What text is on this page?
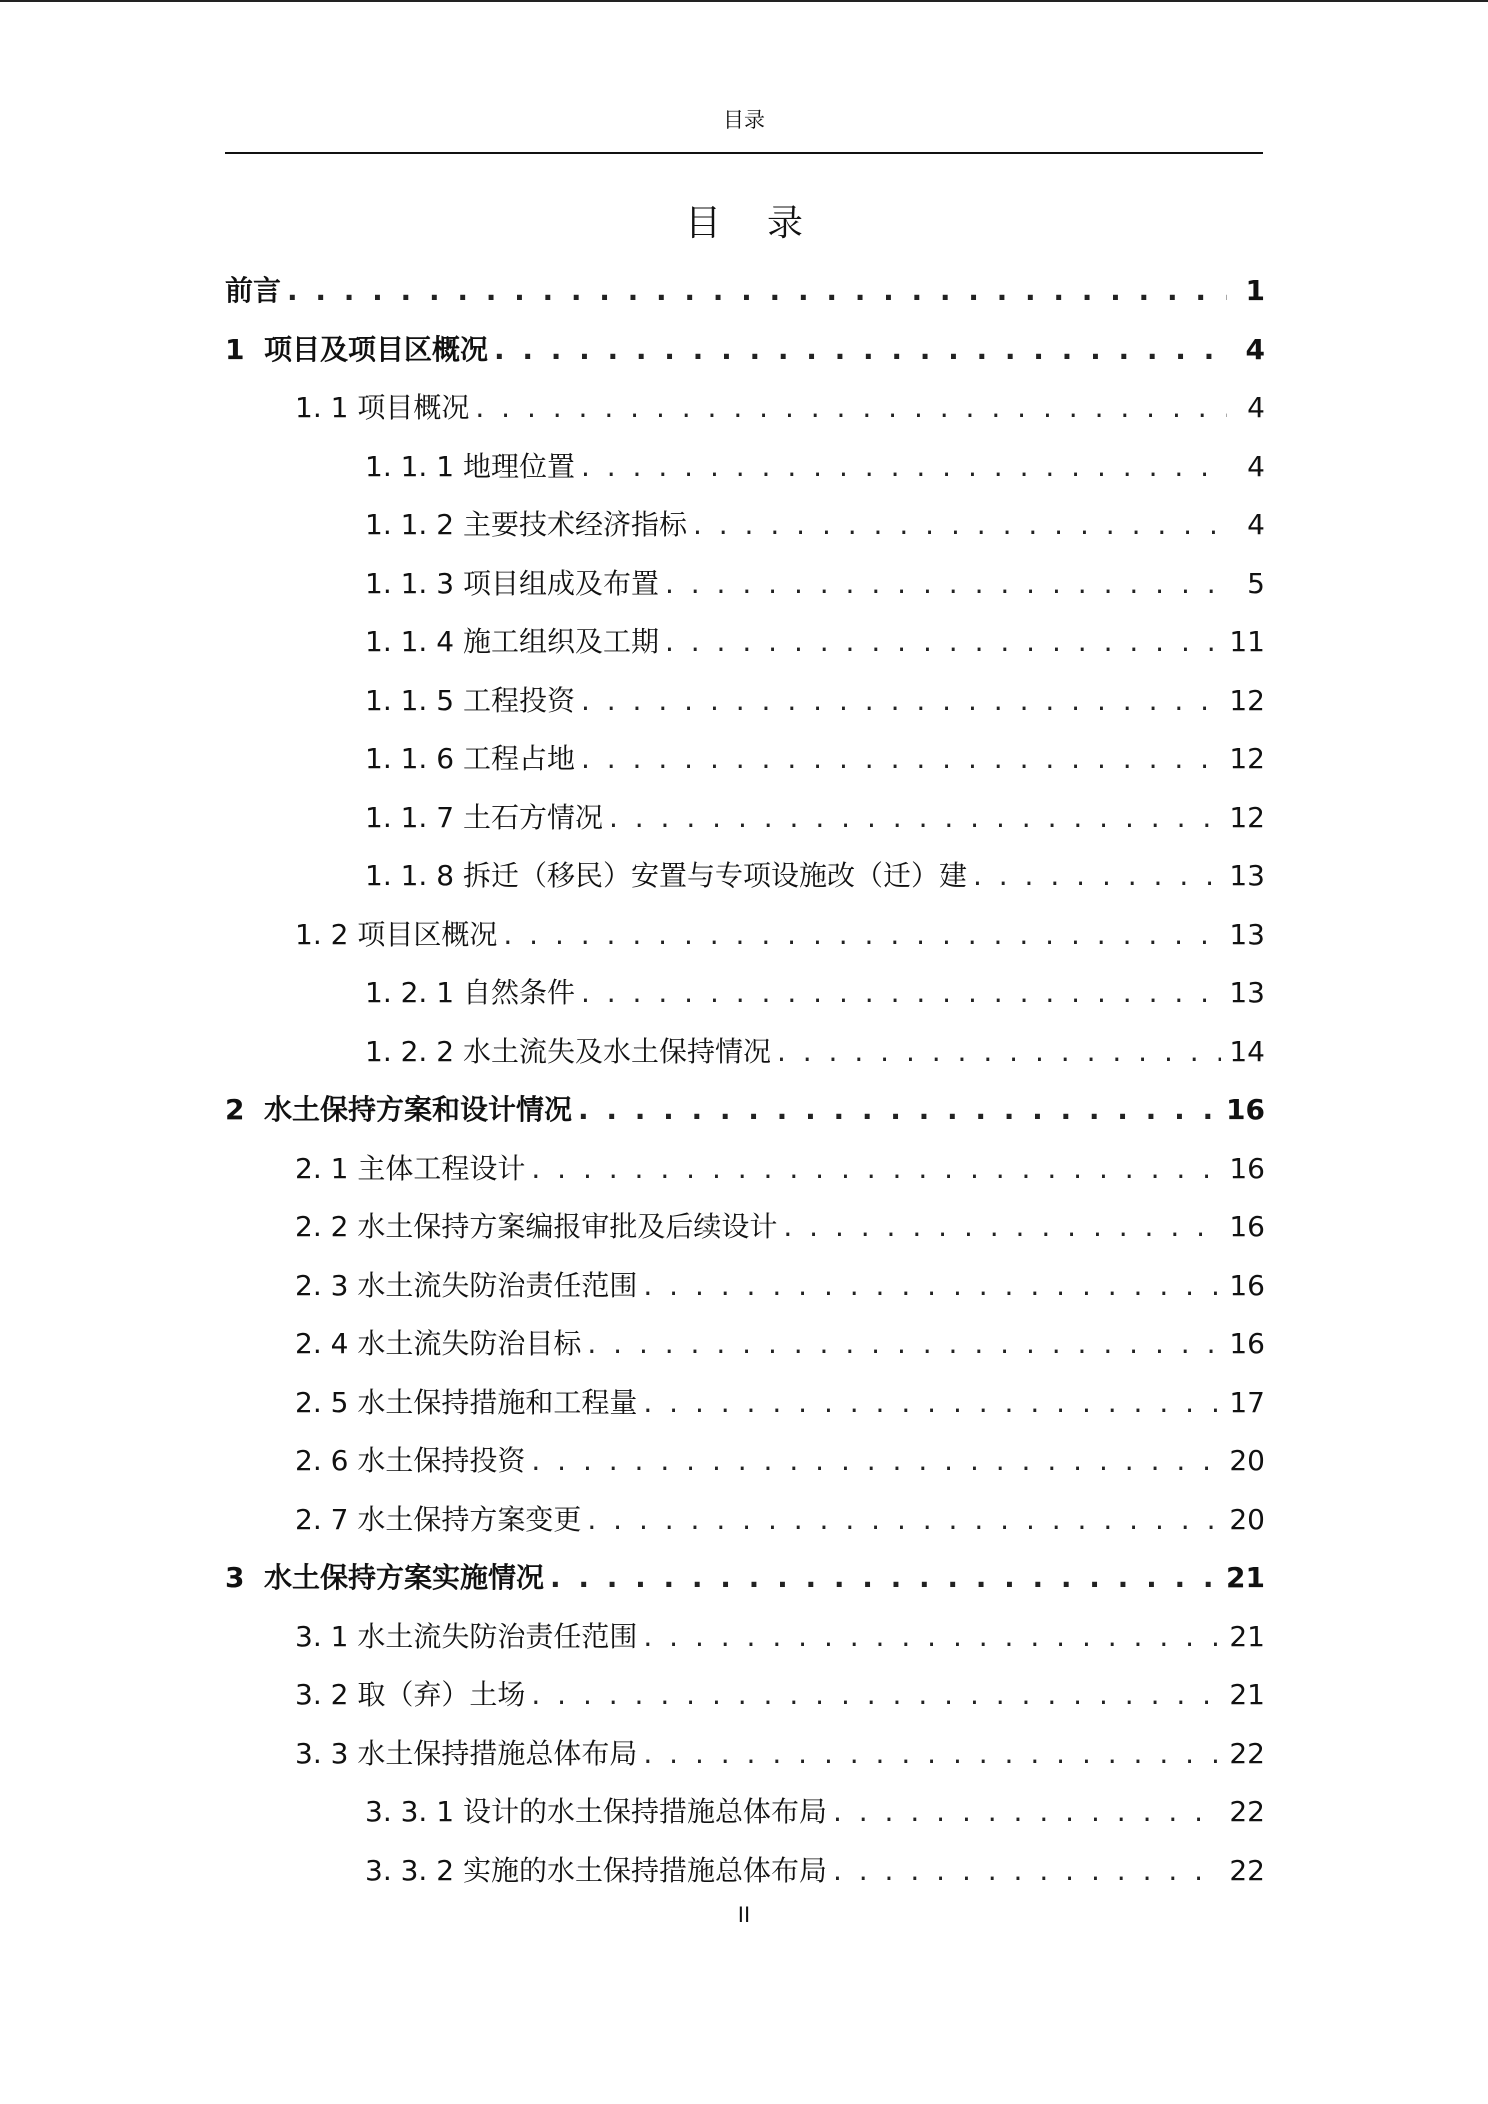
目录
目录
前言 . . .	1
1  项目及项目区概况 . . .	4
1. 1 项目概况 . . .	4
1. 1. 1 地理位置 . . .	4
1. 1. 2 主要技术经济指标 . . .	4
1. 1. 3 项目组成及布置 . . .	5
1. 1. 4 施工组织及工期 . . .	11
1. 1. 5 工程投资 . . .	12
1. 1. 6 工程占地 . . .	12
1. 1. 7 土石方情况 . . .	12
1. 1. 8 拆迁（移民）安置与专项设施改（迁）建 . . .	13
1. 2 项目区概况 . . .	13
1. 2. 1 自然条件 . . .	13
1. 2. 2 水土流失及水土保持情况 . . .	14
2  水土保持方案和设计情况 . . .	16
2. 1 主体工程设计 . . .	16
2. 2 水土保持方案编报审批及后续设计 . . .	16
2. 3 水土流失防治责任范围 . . .	16
2. 4 水土流失防治目标 . . .	16
2. 5 水土保持措施和工程量 . . .	17
2. 6 水土保持投资 . . .	20
2. 7 水土保持方案变更 . . .	20
3  水土保持方案实施情况 . . .	21
3. 1 水土流失防治责任范围 . . .	21
3. 2 取（弃）土场 . . .	21
3. 3 水土保持措施总体布局 . . .	22
3. 3. 1 设计的水土保持措施总体布局 . . .	22
3. 3. 2 实施的水土保持措施总体布局 . . .	22
II
